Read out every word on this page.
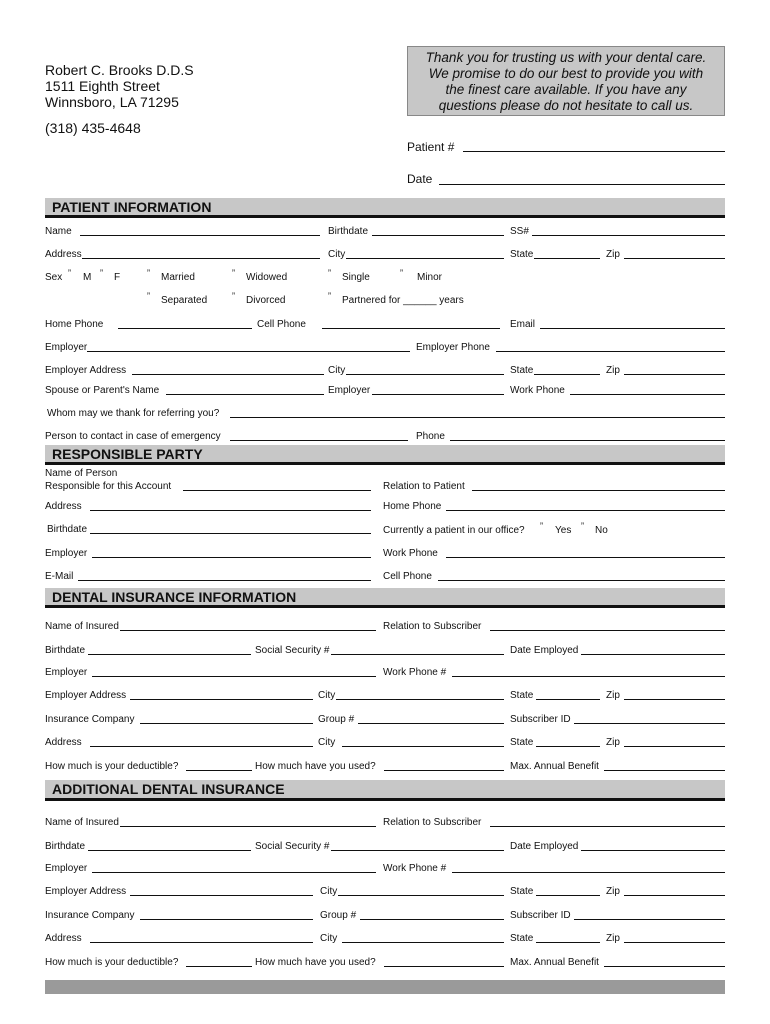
Robert C. Brooks D.D.S
1511 Eighth Street
Winnsboro, LA 71295
(318) 435-4648
Thank you for trusting us with your dental care.
We promise to do our best to provide you with
the finest care available. If you have any
questions please do not hesitate to call us.
Patient #
Date
PATIENT INFORMATION
Name	Birthdate	SS#
Address	City	State	Zip
Sex ” M ” F	” Married	” Widowed	” Single	” Minor
” Separated	” Divorced	” Partnered for ______ years
Home Phone	Cell Phone	Email
Employer	Employer Phone
Employer Address	City	State	Zip
Spouse or Parent's Name	Employer	Work Phone
Whom may we thank for referring you?
Person to contact in case of emergency	Phone
RESPONSIBLE PARTY
Name of Person
Responsible for this Account	Relation to Patient
Address	Home Phone
Birthdate	Currently a patient in our office? ” Yes ” No
Employer	Work Phone
E-Mail	Cell Phone
DENTAL INSURANCE INFORMATION
Name of Insured	Relation to Subscriber
Birthdate	Social Security #	Date Employed
Employer	Work Phone #
Employer Address	City	State	Zip
Insurance Company	Group #	Subscriber ID
Address	City	State	Zip
How much is your deductible?	How much have you used?	Max. Annual Benefit
ADDITIONAL DENTAL INSURANCE
Name of Insured	Relation to Subscriber
Birthdate	Social Security #	Date Employed
Employer	Work Phone #
Employer Address	City	State	Zip
Insurance Company	Group #	Subscriber ID
Address	City	State	Zip
How much is your deductible?	How much have you used?	Max. Annual Benefit
